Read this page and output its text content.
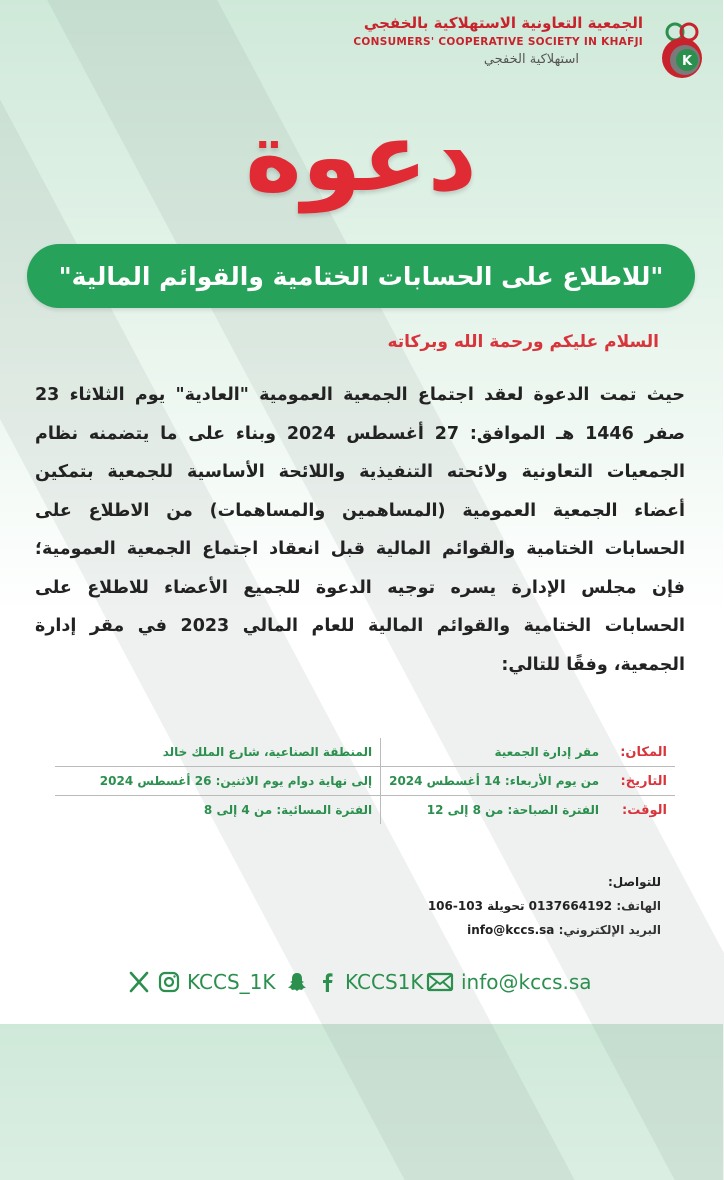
K
الجمعية التعاونية الاستهلاكية بالخفجي
CONSUMERS' COOPERATIVE SOCIETY IN KHAFJI
استهلاكية الخفجي
دعوة
"للاطلاع على الحسابات الختامية والقوائم المالية"
السلام عليكم ورحمة الله وبركاته
حيث تمت الدعوة لعقد اجتماع الجمعية العمومية "العادية" يوم الثلاثاء 23 صفر 1446 هـ الموافق: 27 أغسطس 2024 وبناء على ما يتضمنه نظام الجمعيات التعاونية ولائحته التنفيذية واللائحة الأساسية للجمعية بتمكين أعضاء الجمعية العمومية (المساهمين والمساهمات) من الاطلاع على الحسابات الختامية والقوائم المالية قبل انعقاد اجتماع الجمعية العمومية؛ فإن مجلس الإدارة يسره توجيه الدعوة للجميع الأعضاء للاطلاع على الحسابات الختامية والقوائم المالية للعام المالي 2023 في مقر إدارة الجمعية، وفقًا للتالي:
المكان:	مقر إدارة الجمعية	المنطقة الصناعية، شارع الملك خالد
التاريخ:	من يوم الأربعاء: 14 أغسطس 2024	إلى نهاية دوام يوم الاثنين: 26 أغسطس 2024
الوقت:	الفترة الصباحة: من 8 إلى 12	الفترة المسائية: من 4 إلى 8
للتواصل:
الهاتف: 0137664192 تحويلة 103-106
البريد الإلكتروني: info@kccs.sa
KCCS_1K	KCCS1K info@kccs.sa
